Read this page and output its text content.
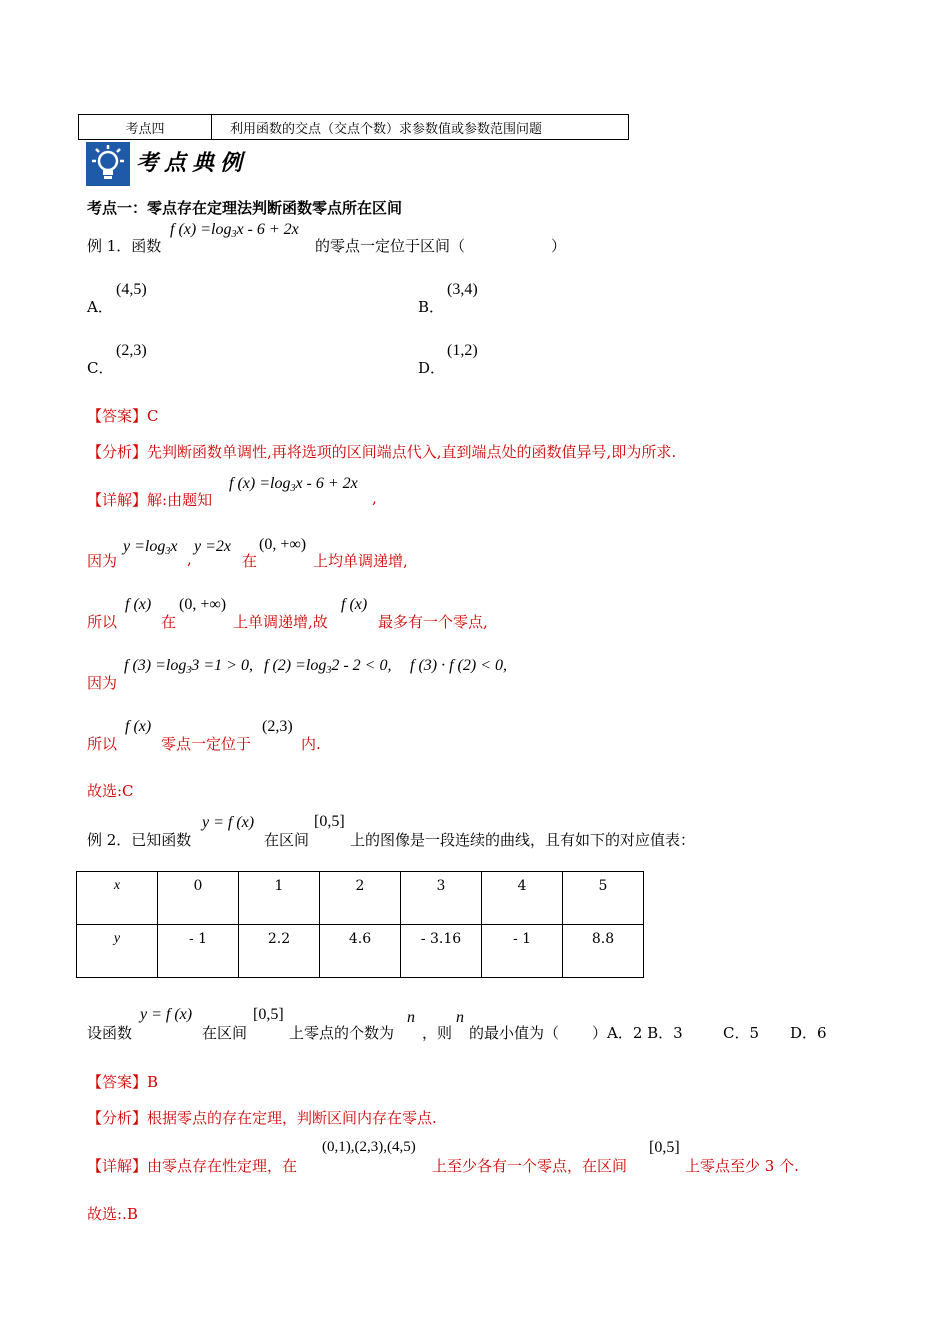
考点四	利用函数的交点（交点个数）求参数值或参数范围问题
考点典例
考点一：零点存在定理法判断函数零点所在区间
例 1．函数
f $(x) =\log_3x - 6 + 2x$
的零点一定位于区间（	）
A．
(4,5)
B．
(3,4)
C．
(2,3)
D．
(1,2)
【答案】C
【分析】先判断函数单调性,再将选项的区间端点代入,直到端点处的函数值异号,即为所求.
【详解】解:由题知
f $(x) =\log_3x - 6 + 2x$
,
因为
$y =\log_3x$
,
y =2x
在
(0, +∞)
上均单调递增,
所以
f (x)
在
(0, +∞)
上单调递增,故
f (x)
最多有一个零点,
因为
f $(3) =\log_33 =1 > 0$, f $(2) =\log_32 - 2 < 0$, f (3) · f (2) < 0,
所以
f (x)
零点一定位于
(2,3)
内.
故选:C
例 2．已知函数
y = f (x)
在区间
[0,5]
上的图像是一段连续的曲线，且有如下的对应值表：
x	0	1	2	3	4	5
y	- 1	2.2	4.6	- 3.16	- 1	8.8
设函数
y = f (x)
在区间
[0,5]
上零点的个数为
n
，则
n
的最小值为（ ）A．2 B．3	C．5 D．6
【答案】B
【分析】根据零点的存在定理，判断区间内存在零点.
【详解】由零点存在性定理，在
(0,1),(2,3),(4,5)
上至少各有一个零点，在区间
[0,5]
上零点至少 3 个.
故选:.B
